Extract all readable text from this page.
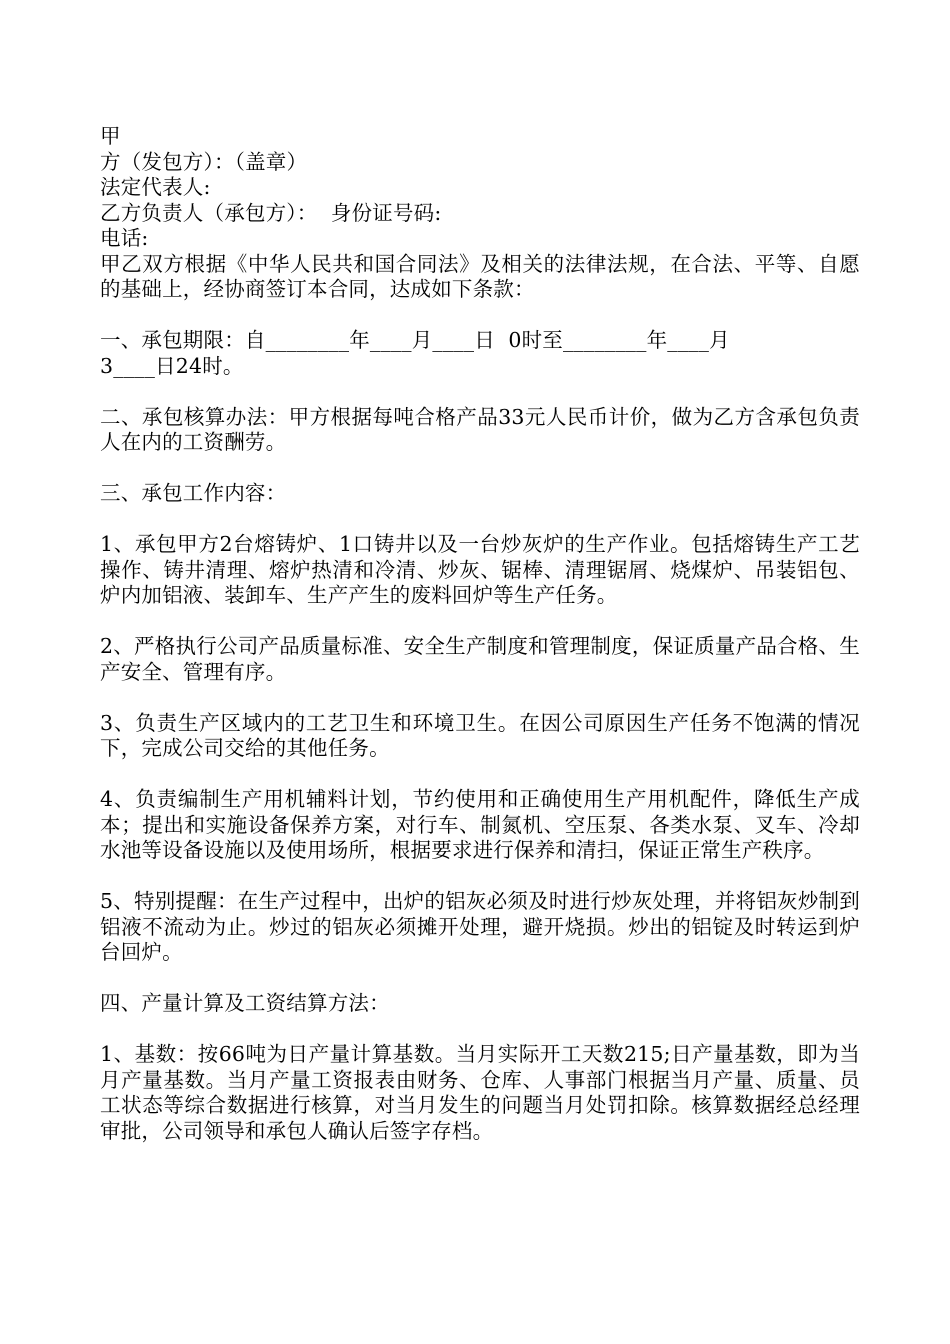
甲
方（发包方）：（盖章）
法定代表人:
乙方负责人（承包方）：  身份证号码:
电话:
甲乙双方根据《中华人民共和国合同法》及相关的法律法规，在合法、平等、自愿的基础上，经协商签订本合同，达成如下条款：
一、承包期限：自________年____月____日  0时至________年____月
3____日24时。
二、承包核算办法：甲方根据每吨合格产品33元人民币计价，做为乙方含承包负责人在内的工资酬劳。
三、承包工作内容：
1、承包甲方2台熔铸炉、1口铸井以及一台炒灰炉的生产作业。包括熔铸生产工艺操作、铸井清理、熔炉热清和冷清、炒灰、锯棒、清理锯屑、烧煤炉、吊装铝包、炉内加铝液、装卸车、生产产生的废料回炉等生产任务。
2、严格执行公司产品质量标准、安全生产制度和管理制度，保证质量产品合格、生产安全、管理有序。
3、负责生产区域内的工艺卫生和环境卫生。在因公司原因生产任务不饱满的情况下，完成公司交给的其他任务。
4、负责编制生产用机辅料计划，节约使用和正确使用生产用机配件，降低生产成本；提出和实施设备保养方案，对行车、制氮机、空压泵、各类水泵、叉车、冷却水池等设备设施以及使用场所，根据要求进行保养和清扫，保证正常生产秩序。
5、特别提醒：在生产过程中，出炉的铝灰必须及时进行炒灰处理，并将铝灰炒制到铝液不流动为止。炒过的铝灰必须摊开处理，避开烧损。炒出的铝锭及时转运到炉台回炉。
四、产量计算及工资结算方法：
1、基数：按66吨为日产量计算基数。当月实际开工天数215;日产量基数，即为当月产量基数。当月产量工资报表由财务、仓库、人事部门根据当月产量、质量、员工状态等综合数据进行核算，对当月发生的问题当月处罚扣除。核算数据经总经理审批，公司领导和承包人确认后签字存档。
